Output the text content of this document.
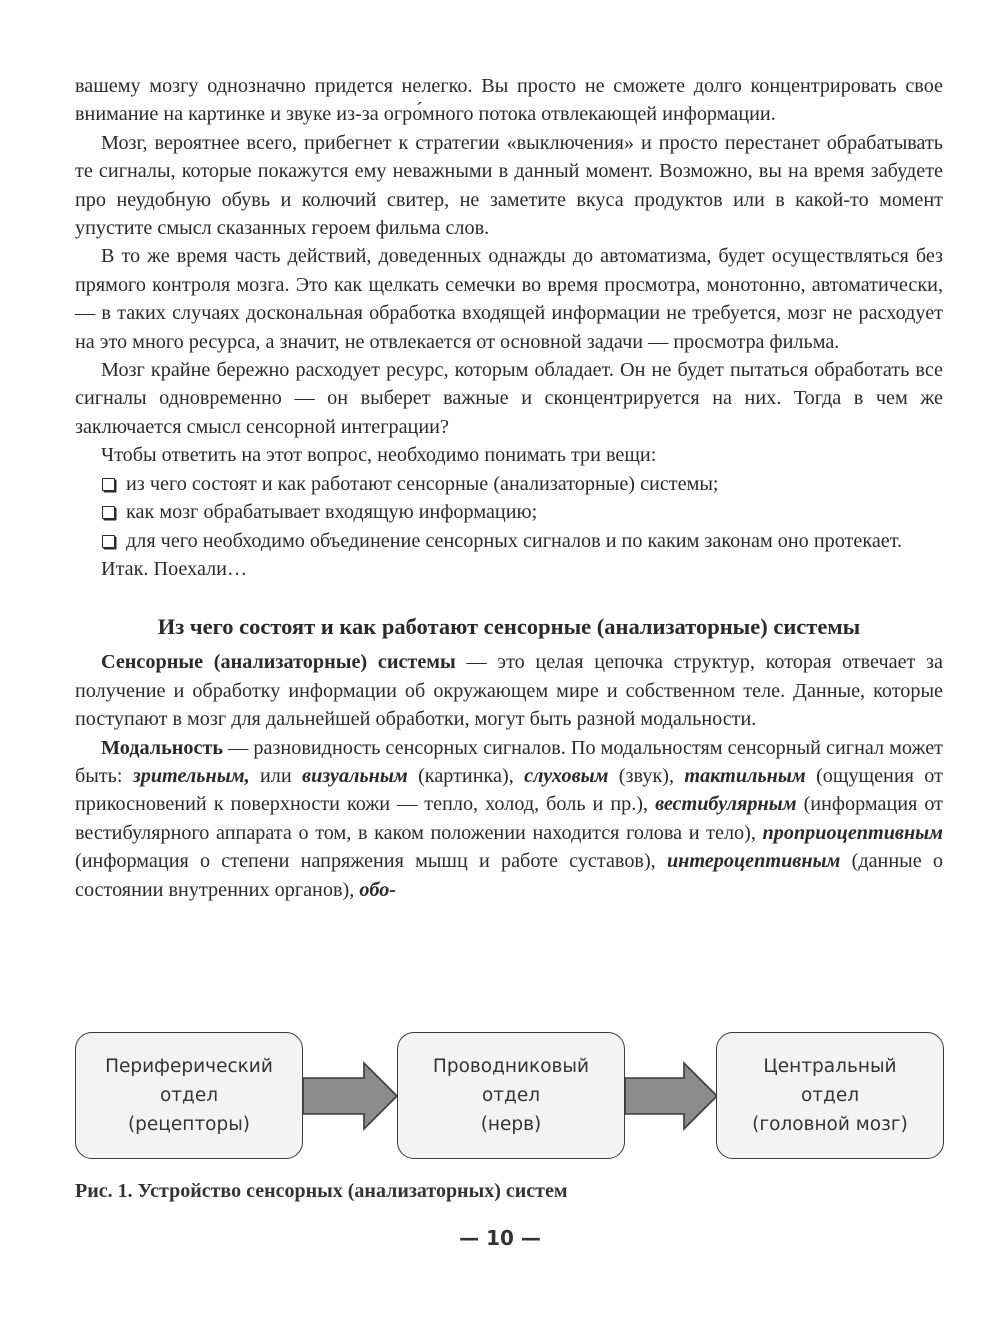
вашему мозгу однозначно придется нелегко. Вы просто не сможете долго концентрировать свое внимание на картинке и звуке из-за огро́много потока отвлекающей информации.

Мозг, вероятнее всего, прибегнет к стратегии «выключения» и просто перестанет обрабатывать те сигналы, которые покажутся ему неважными в данный момент. Возможно, вы на время забудете про неудобную обувь и колючий свитер, не заметите вкуса продуктов или в какой-то момент упустите смысл сказанных героем фильма слов.

В то же время часть действий, доведенных однажды до автоматизма, будет осуществляться без прямого контроля мозга. Это как щелкать семечки во время просмотра, монотонно, автоматически, — в таких случаях доскональная обработка входящей информации не требуется, мозг не расходует на это много ресурса, а значит, не отвлекается от основной задачи — просмотра фильма.

Мозг крайне бережно расходует ресурс, которым обладает. Он не будет пытаться обработать все сигналы одновременно — он выберет важные и сконцентрируется на них. Тогда в чем же заключается смысл сенсорной интеграции?

Чтобы ответить на этот вопрос, необходимо понимать три вещи:

из чего состоят и как работают сенсорные (анализаторные) системы;
как мозг обрабатывает входящую информацию;
для чего необходимо объединение сенсорных сигналов и по каким законам оно протекает.

Итак. Поехали…

Из чего состоят и как работают сенсорные (анализаторные) системы

Сенсорные (анализаторные) системы — это целая цепочка структур, которая отвечает за получение и обработку информации об окружающем мире и собственном теле. Данные, которые поступают в мозг для дальнейшей обработки, могут быть разной модальности.

Модальность — разновидность сенсорных сигналов. По модальностям сенсорный сигнал может быть: зрительным, или визуальным (картинка), слуховым (звук), тактильным (ощущения от прикосновений к поверхности кожи — тепло, холод, боль и пр.), вестибулярным (информация от вестибулярного аппарата о том, в каком положении находится голова и тело), проприоцептивным (информация о степени напряжения мышц и работе суставов), интероцептивным (данные о состоянии внутренних органов), обо-

Периферический
отдел
(рецепторы)
Проводниковый
отдел
(нерв)
Центральный
отдел
(головной мозг)
Рис. 1. Устройство сенсорных (анализаторных) систем
— 10 —
